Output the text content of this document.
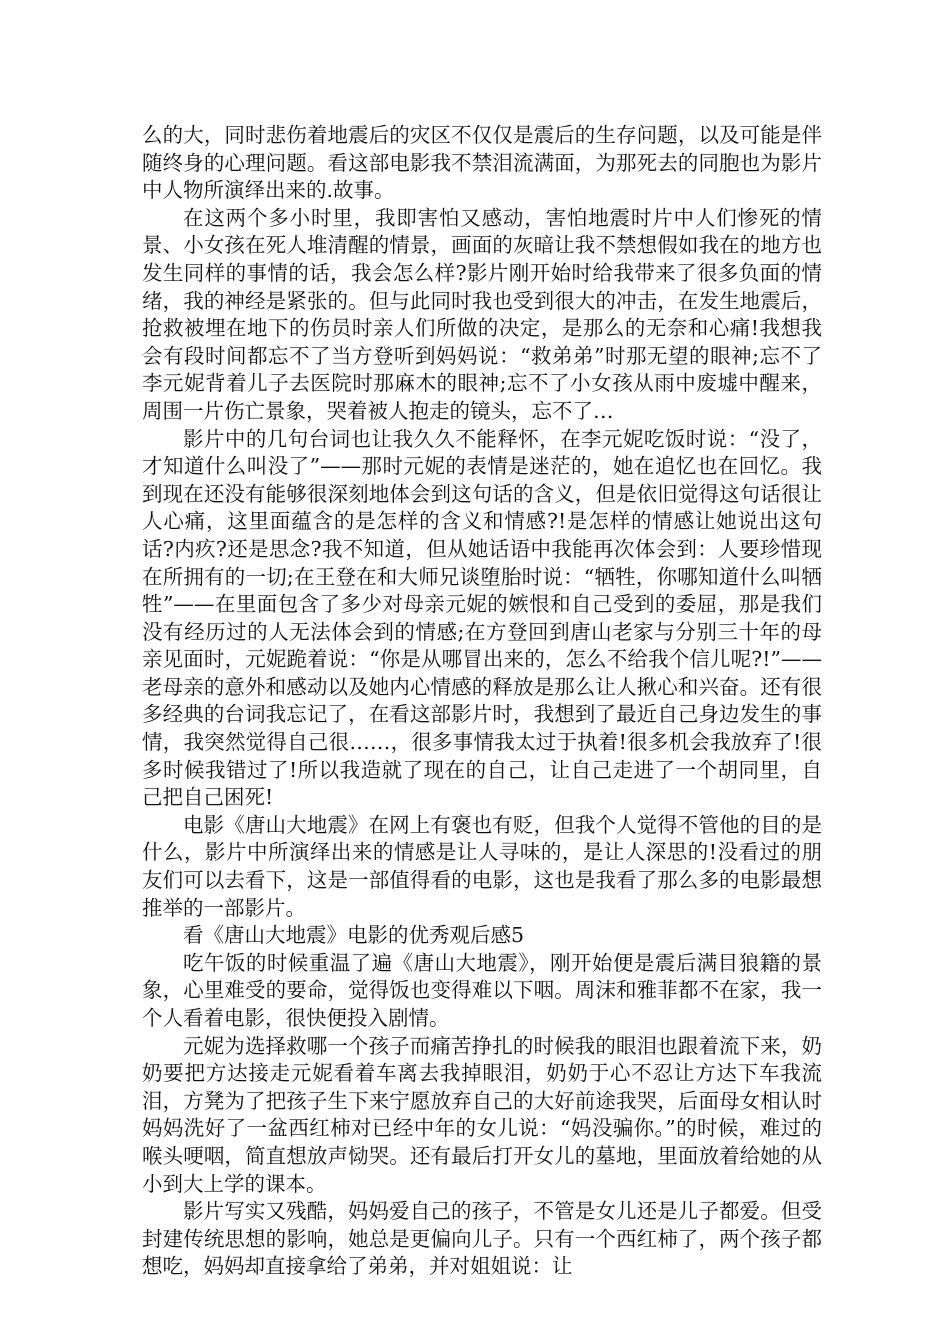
么的大，同时悲伤着地震后的灾区不仅仅是震后的生存问题，以及可能是伴随终身的心理问题。看这部电影我不禁泪流满面，为那死去的同胞也为影片中人物所演绎出来的.故事。

在这两个多小时里，我即害怕又感动，害怕地震时片中人们惨死的情景、小女孩在死人堆清醒的情景，画面的灰暗让我不禁想假如我在的地方也发生同样的事情的话，我会怎么样?影片刚开始时给我带来了很多负面的情绪，我的神经是紧张的。但与此同时我也受到很大的冲击，在发生地震后，抢救被埋在地下的伤员时亲人们所做的决定，是那么的无奈和心痛!我想我会有段时间都忘不了当方登听到妈妈说：“救弟弟”时那无望的眼神;忘不了李元妮背着儿子去医院时那麻木的眼神;忘不了小女孩从雨中废墟中醒来，周围一片伤亡景象，哭着被人抱走的镜头，忘不了…

影片中的几句台词也让我久久不能释怀，在李元妮吃饭时说：“没了，才知道什么叫没了”——那时元妮的表情是迷茫的，她在追忆也在回忆。我到现在还没有能够很深刻地体会到这句话的含义，但是依旧觉得这句话很让人心痛，这里面蕴含的是怎样的含义和情感?!是怎样的情感让她说出这句话?内疚?还是思念?我不知道，但从她话语中我能再次体会到：人要珍惜现在所拥有的一切;在王登在和大师兄谈堕胎时说：“牺牲，你哪知道什么叫牺牲”——在里面包含了多少对母亲元妮的嫉恨和自己受到的委屈，那是我们没有经历过的人无法体会到的情感;在方登回到唐山老家与分别三十年的母亲见面时，元妮跪着说：“你是从哪冒出来的，怎么不给我个信儿呢?!”——老母亲的意外和感动以及她内心情感的释放是那么让人揪心和兴奋。还有很多经典的台词我忘记了，在看这部影片时，我想到了最近自己身边发生的事情，我突然觉得自己很……，很多事情我太过于执着!很多机会我放弃了!很多时候我错过了!所以我造就了现在的自己，让自己走进了一个胡同里，自己把自己困死!

电影《唐山大地震》在网上有褒也有贬，但我个人觉得不管他的目的是什么，影片中所演绎出来的情感是让人寻味的，是让人深思的!没看过的朋友们可以去看下，这是一部值得看的电影，这也是我看了那么多的电影最想推举的一部影片。

看《唐山大地震》电影的优秀观后感5

吃午饭的时候重温了遍《唐山大地震》，刚开始便是震后满目狼籍的景象，心里难受的要命，觉得饭也变得难以下咽。周沫和雅菲都不在家，我一个人看着电影，很快便投入剧情。

元妮为选择救哪一个孩子而痛苦挣扎的时候我的眼泪也跟着流下来，奶奶要把方达接走元妮看着车离去我掉眼泪，奶奶于心不忍让方达下车我流泪，方凳为了把孩子生下来宁愿放弃自己的大好前途我哭，后面母女相认时妈妈洗好了一盆西红柿对已经中年的女儿说：“妈没骗你。”的时候，难过的喉头哽咽，简直想放声恸哭。还有最后打开女儿的墓地，里面放着给她的从小到大上学的课本。

影片写实又残酷，妈妈爱自己的孩子，不管是女儿还是儿子都爱。但受封建传统思想的影响，她总是更偏向儿子。只有一个西红柿了，两个孩子都想吃，妈妈却直接拿给了弟弟，并对姐姐说：让
